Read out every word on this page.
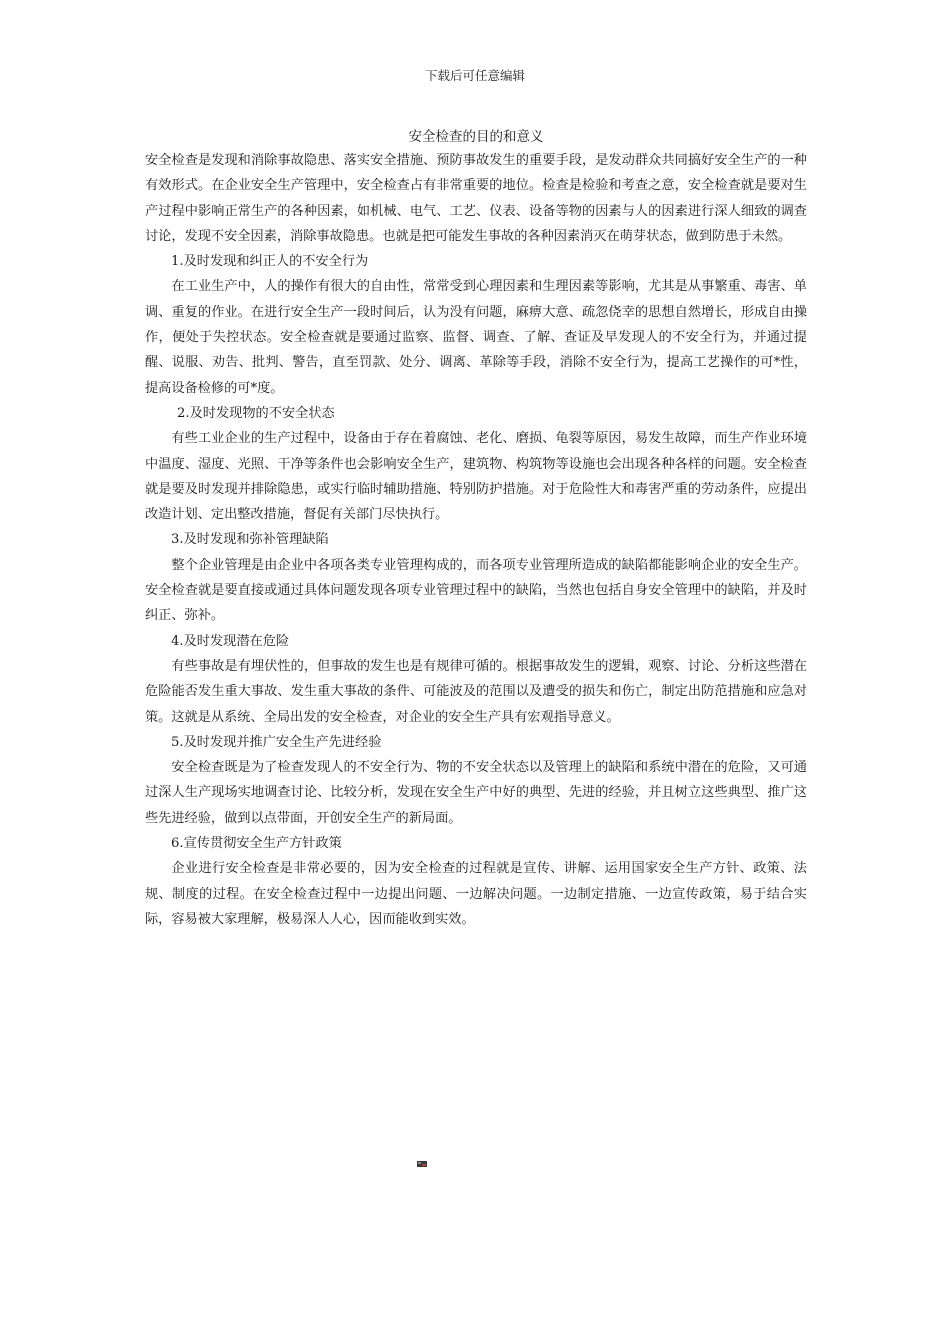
下载后可任意编辑

安全检查的目的和意义

安全检查是发现和消除事故隐患、落实安全措施、预防事故发生的重要手段，是发动群众共同搞好安全生产的一种有效形式。在企业安全生产管理中，安全检查占有非常重要的地位。检查是检验和考查之意，安全检查就是要对生产过程中影响正常生产的各种因素，如机械、电气、工艺、仪表、设备等物的因素与人的因素进行深人细致的调查讨论，发现不安全因素，消除事故隐患。也就是把可能发生事故的各种因素消灭在萌芽状态，做到防患于未然。

1.及时发现和纠正人的不安全行为

在工业生产中，人的操作有很大的自由性，常常受到心理因素和生理因素等影响，尤其是从事繁重、毒害、单调、重复的作业。在进行安全生产一段时间后，认为没有问题，麻痹大意、疏忽侥幸的思想自然增长，形成自由操作，便处于失控状态。安全检查就是要通过监察、监督、调查、了解、查证及早发现人的不安全行为，并通过提醒、说服、劝告、批判、警告，直至罚款、处分、调离、革除等手段，消除不安全行为，提高工艺操作的可*性，提高设备检修的可*度。

2.及时发现物的不安全状态

有些工业企业的生产过程中，设备由于存在着腐蚀、老化、磨损、龟裂等原因，易发生故障，而生产作业环境中温度、湿度、光照、干净等条件也会影响安全生产，建筑物、构筑物等设施也会出现各种各样的问题。安全检查就是要及时发现并排除隐患，或实行临时辅助措施、特别防护措施。对于危险性大和毒害严重的劳动条件，应提出改造计划、定出整改措施，督促有关部门尽快执行。

3.及时发现和弥补管理缺陷

整个企业管理是由企业中各项各类专业管理构成的，而各项专业管理所造成的缺陷都能影响企业的安全生产。安全检查就是要直接或通过具体问题发现各项专业管理过程中的缺陷，当然也包括自身安全管理中的缺陷，并及时纠正、弥补。

4.及时发现潜在危险

有些事故是有埋伏性的，但事故的发生也是有规律可循的。根据事故发生的逻辑，观察、讨论、分析这些潜在危险能否发生重大事故、发生重大事故的条件、可能波及的范围以及遭受的损失和伤亡，制定出防范措施和应急对策。这就是从系统、全局出发的安全检查，对企业的安全生产具有宏观指导意义。

5.及时发现并推广安全生产先进经验

安全检查既是为了检查发现人的不安全行为、物的不安全状态以及管理上的缺陷和系统中潜在的危险，又可通过深人生产现场实地调查讨论、比较分析，发现在安全生产中好的典型、先进的经验，并且树立这些典型、推广这些先进经验，做到以点带面，开创安全生产的新局面。

6.宣传贯彻安全生产方针政策

企业进行安全检查是非常必要的，因为安全检查的过程就是宣传、讲解、运用国家安全生产方针、政策、法规、制度的过程。在安全检查过程中一边提出问题、一边解决问题。一边制定措施、一边宣传政策，易于结合实际，容易被大家理解，极易深人人心，因而能收到实效。
